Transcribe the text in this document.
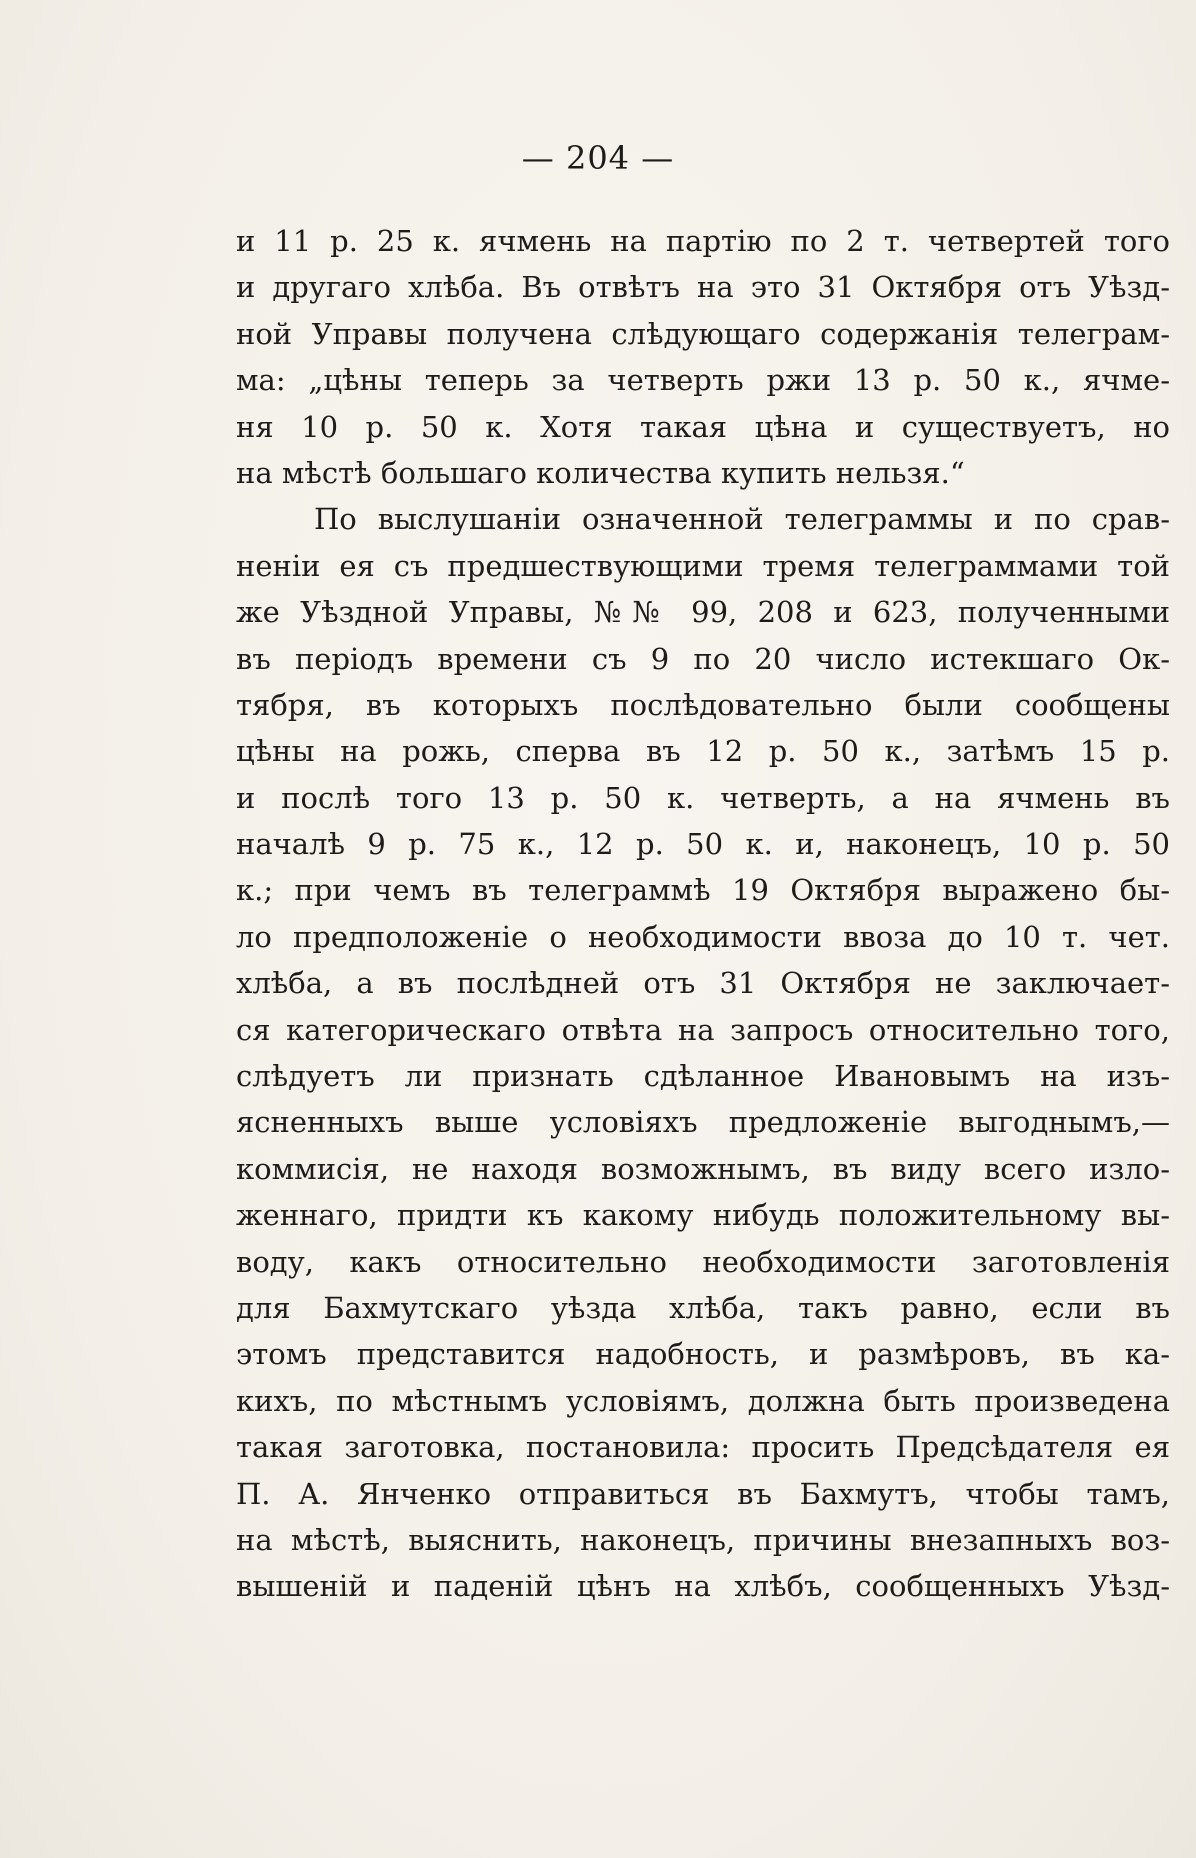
— 204 —
и 11 р. 25 к. ячмень на партію по 2 т. четвертей того
и другаго хлѣба. Въ отвѣтъ на это 31 Октября отъ Уѣзд-
ной Управы получена слѣдующаго содержанія телеграм-
ма: „цѣны теперь за четверть ржи 13 р. 50 к., ячме-
ня 10 р. 50 к. Хотя такая цѣна и существуетъ, но
на мѣстѣ большаго количества купить нельзя.“
По выслушаніи означенной телеграммы и по срав-
неніи ея съ предшествующими тремя телеграммами той
же Уѣздной Управы, №№ 99, 208 и 623, полученными
въ періодъ времени съ 9 по 20 число истекшаго Ок-
тября, въ которыхъ послѣдовательно были сообщены
цѣны на рожь, сперва въ 12 р. 50 к., затѣмъ 15 р.
и послѣ того 13 р. 50 к. четверть, а на ячмень въ
началѣ 9 р. 75 к., 12 р. 50 к. и, наконецъ, 10 р. 50
к.; при чемъ въ телеграммѣ 19 Октября выражено бы-
ло предположеніе о необходимости ввоза до 10 т. чет.
хлѣба, а въ послѣдней отъ 31 Октября не заключает-
ся категорическаго отвѣта на запросъ относительно того,
слѣдуетъ ли признать сдѣланное Ивановымъ на изъ-
ясненныхъ выше условіяхъ предложеніе выгоднымъ,—
коммисія, не находя возможнымъ, въ виду всего изло-
женнаго, придти къ какому нибудь положительному вы-
воду, какъ относительно необходимости заготовленія
для Бахмутскаго уѣзда хлѣба, такъ равно, если въ
этомъ представится надобность, и размѣровъ, въ ка-
кихъ, по мѣстнымъ условіямъ, должна быть произведена
такая заготовка, постановила: просить Предсѣдателя ея
П. А. Янченко отправиться въ Бахмутъ, чтобы тамъ,
на мѣстѣ, выяснить, наконецъ, причины внезапныхъ воз-
вышеній и паденій цѣнъ на хлѣбъ, сообщенныхъ Уѣзд-
